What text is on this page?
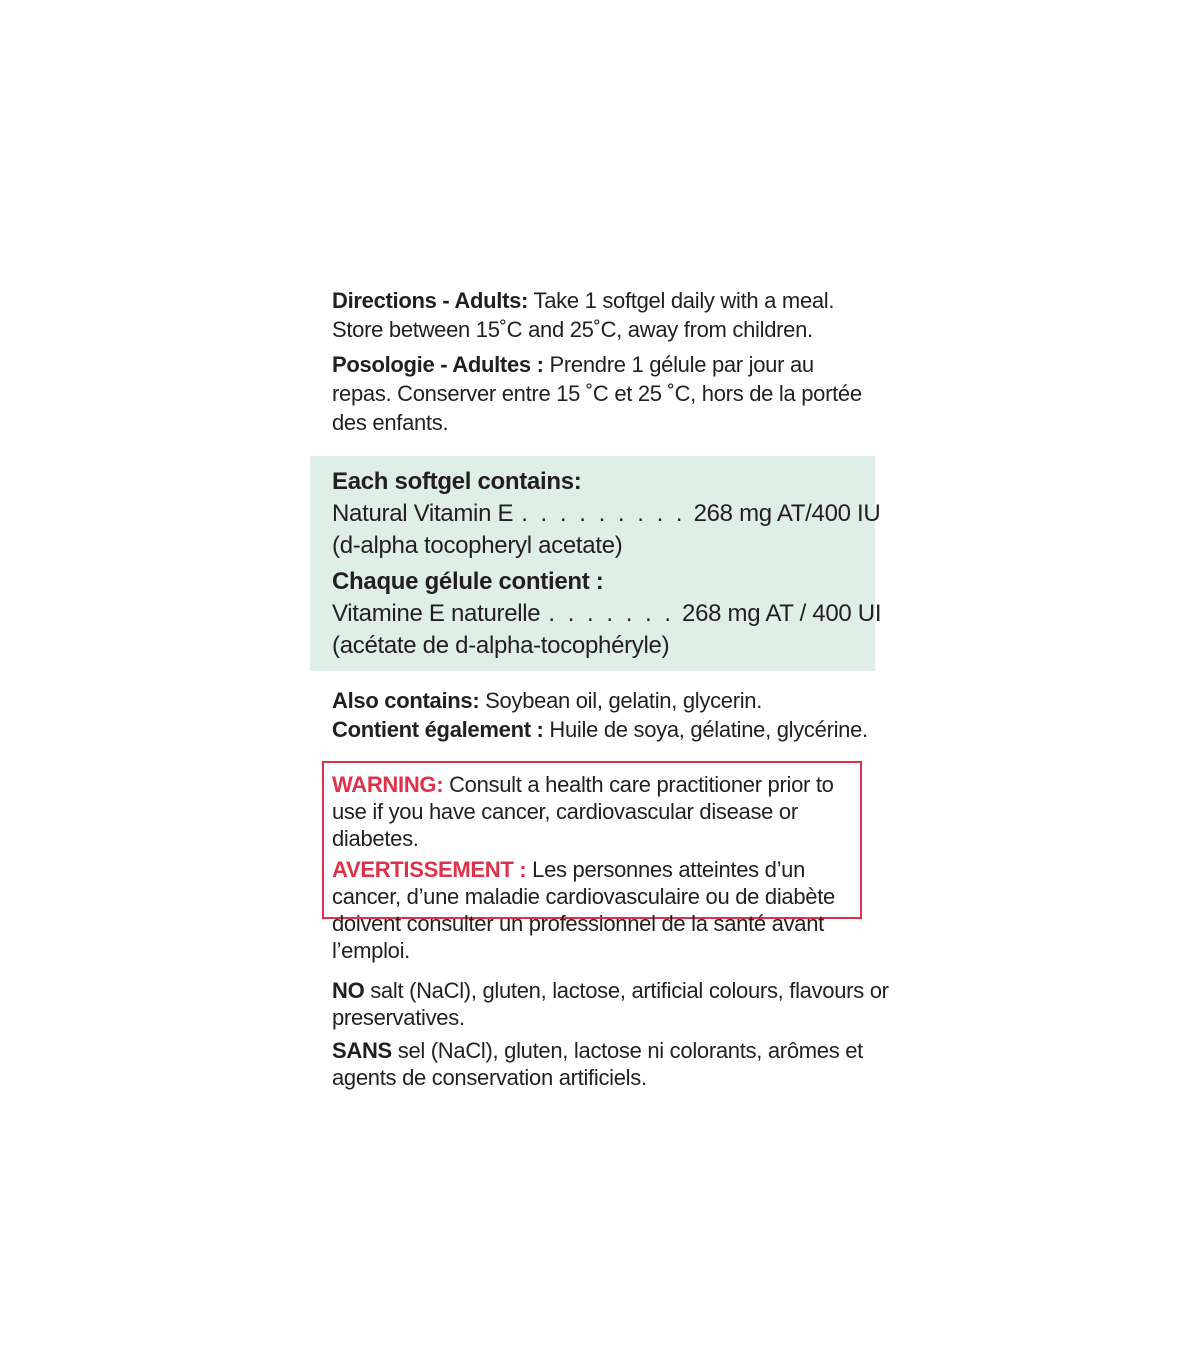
Directions - Adults: Take 1 softgel daily with a meal. Store between 15˚C and 25˚C, away from children.

Posologie - Adultes : Prendre 1 gélule par jour au repas. Conserver entre 15 ˚C et 25 ˚C, hors de la portée des enfants.

Each softgel contains:

Natural Vitamin E . . . . . . . . . 268 mg AT/400 IU

(d-alpha tocopheryl acetate)

Chaque gélule contient :

Vitamine E naturelle . . . . . . . 268 mg AT / 400 UI

(acétate de d-alpha-tocophéryle)

Also contains: Soybean oil, gelatin, glycerin.

Contient également : Huile de soya, gélatine, glycérine.

WARNING: Consult a health care practitioner prior to use if you have cancer, cardiovascular disease or diabetes.

AVERTISSEMENT : Les personnes atteintes d’un cancer, d’une maladie cardiovasculaire ou de diabète doivent consulter un professionnel de la santé avant l’emploi.

NO salt (NaCl), gluten, lactose, artificial colours, flavours or preservatives.

SANS sel (NaCl), gluten, lactose ni colorants, arômes et agents de conservation artificiels.
